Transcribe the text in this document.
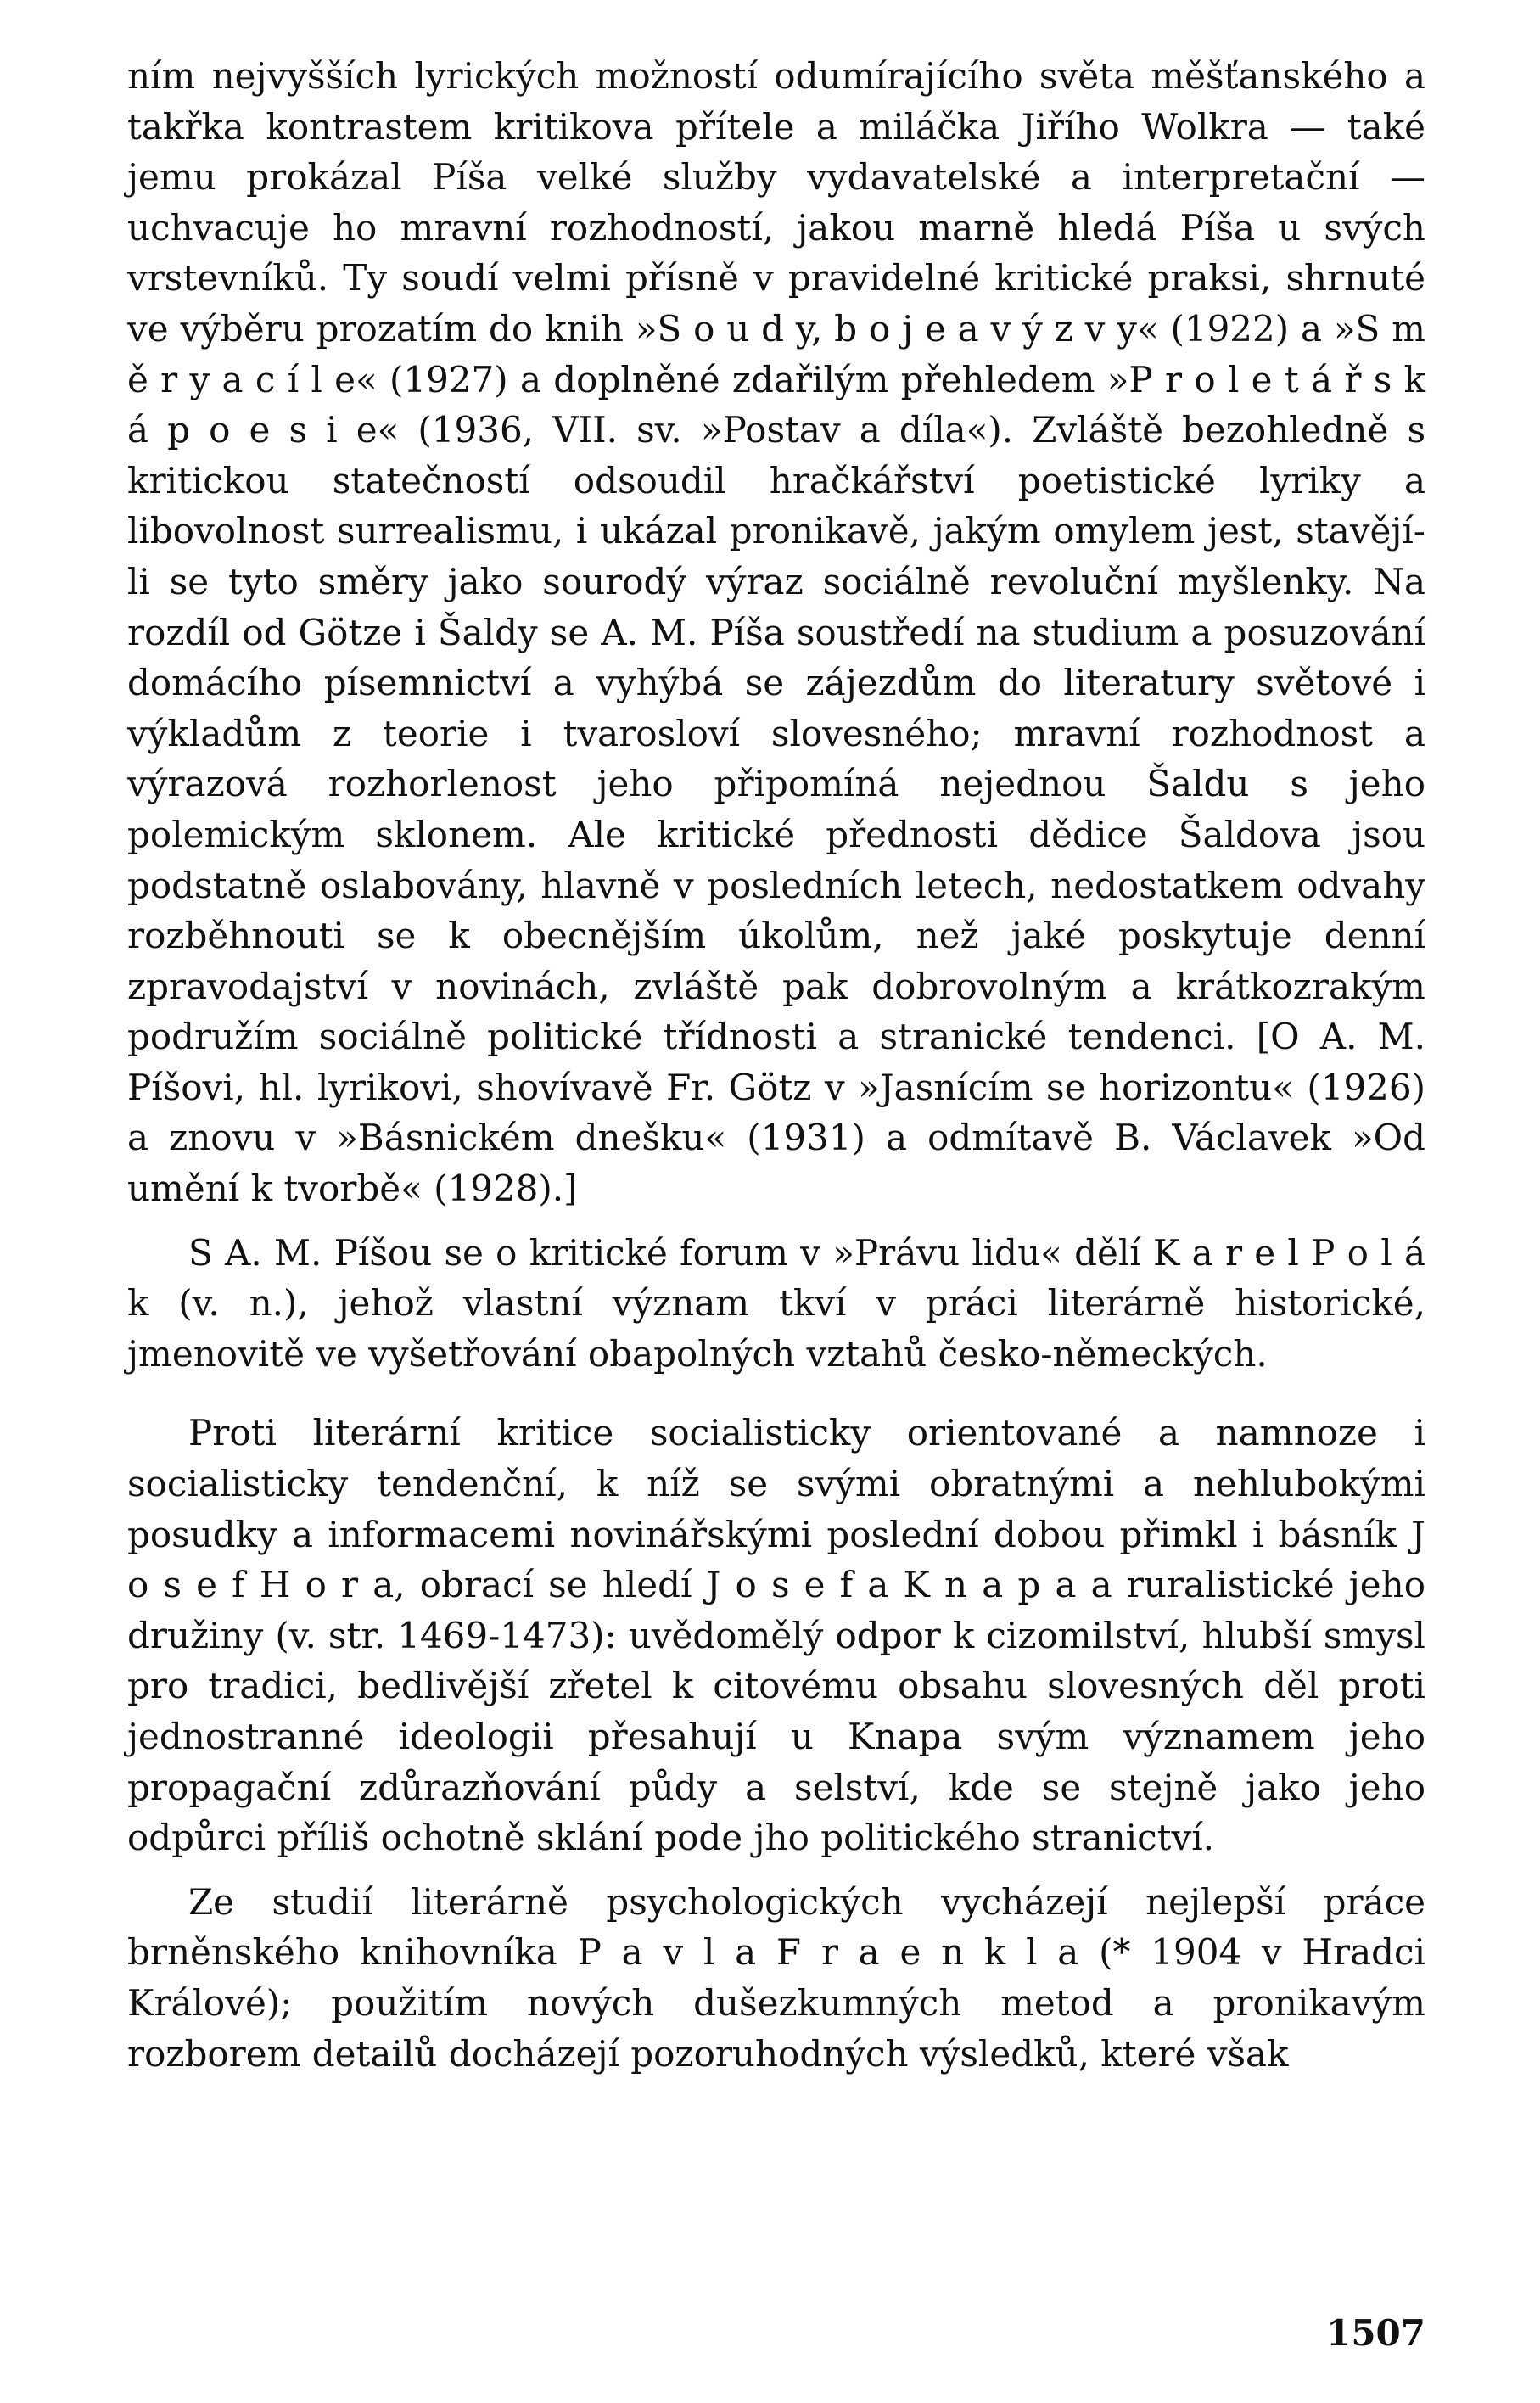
ním nejvyšších lyrických možností odumírajícího světa měšťanského a takřka kontrastem kritikova přítele a miláčka Jiřího Wolkra — také jemu prokázal Píša velké služby vydavatelské a interpretační — uchvacuje ho mravní rozhodností, jakou marně hledá Píša u svých vrstevníků. Ty soudí velmi přísně v pravidelné kritické praksi, shrnuté ve výběru prozatím do knih »S o u d y, b o j e a v ý z v y« (1922) a »S m ě r y a c í l e« (1927) a doplněné zdařilým přehledem »P r o l e t á ř s k á p o e s i e« (1936, VII. sv. »Postav a díla«). Zvláště bezohledně s kritickou statečností odsoudil hračkářství poetistické lyriky a libovolnost surrealismu, i ukázal pronikavě, jakým omylem jest, stavějí-li se tyto směry jako sourodý výraz sociálně revoluční myšlenky. Na rozdíl od Götze i Šaldy se A. M. Píša soustředí na studium a posuzování domácího písemnictví a vyhýbá se zájezdům do literatury světové i výkladům z teorie i tvarosloví slovesného; mravní rozhodnost a výrazová rozhorlenost jeho připomíná nejednou Šaldu s jeho polemickým sklonem. Ale kritické přednosti dědice Šaldova jsou podstatně oslabovány, hlavně v posledních letech, nedostatkem odvahy rozběhnouti se k obecnějším úkolům, než jaké poskytuje denní zpravodajství v novinách, zvláště pak dobrovolným a krátkozrakým podružím sociálně politické třídnosti a stranické tendenci. [O A. M. Píšovi, hl. lyrikovi, shovívavě Fr. Götz v »Jasnícím se horizontu« (1926) a znovu v »Básnickém dnešku« (1931) a odmítavě B. Václavek »Od umění k tvorbě« (1928).]

S A. M. Píšou se o kritické forum v »Právu lidu« dělí K a r e l P o l á k (v. n.), jehož vlastní význam tkví v práci literárně historické, jmenovitě ve vyšetřování obapolných vztahů česko-německých.

Proti literární kritice socialisticky orientované a namnoze i socialisticky tendenční, k níž se svými obratnými a nehlubokými posudky a informacemi novinářskými poslední dobou přimkl i básník J o s e f H o r a, obrací se hledí J o s e f a K n a p a a ruralistické jeho družiny (v. str. 1469-1473): uvědomělý odpor k cizomilství, hlubší smysl pro tradici, bedlivější zřetel k citovému obsahu slovesných děl proti jednostranné ideologii přesahují u Knapa svým významem jeho propagační zdůrazňování půdy a selství, kde se stejně jako jeho odpůrci příliš ochotně sklání pode jho politického stranictví.

Ze studií literárně psychologických vycházejí nejlepší práce brněnského knihovníka P a v l a F r a e n k l a (* 1904 v Hradci Králové); použitím nových dušezkumných metod a pronikavým rozborem detailů docházejí pozoruhodných výsledků, které však

1507
